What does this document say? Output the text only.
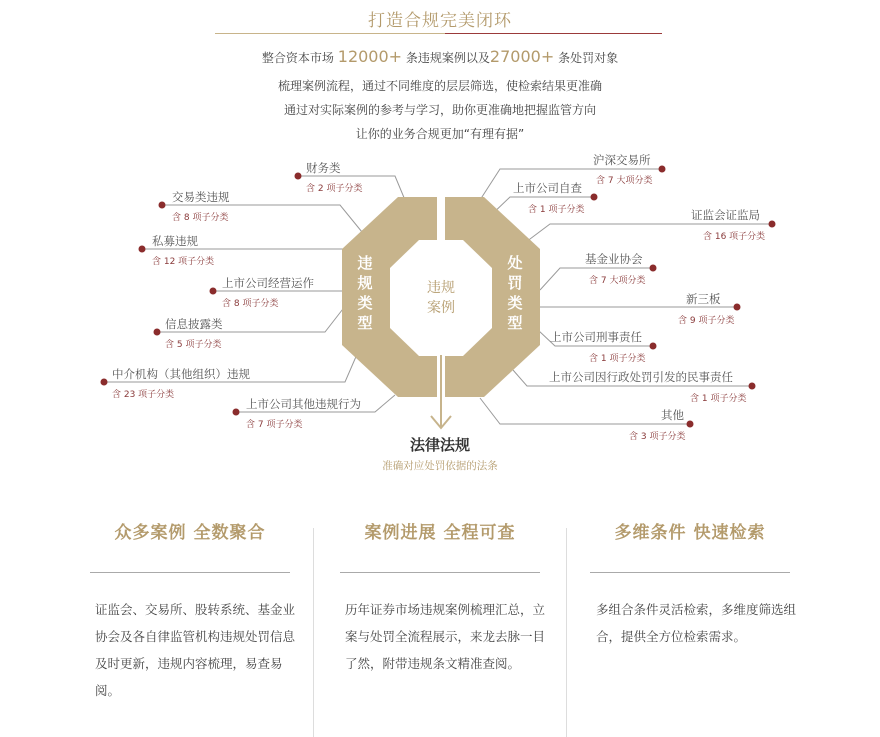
打造合规完美闭环
整合资本市场 12000+ 条违规案例以及27000+ 条处罚对象
梳理案例流程，通过不同维度的层层筛选，使检索结果更准确
通过对实际案例的参考与学习，助你更准确地把握监管方向
让你的业务合规更加“有理有据”
违
规
类
型
处
罚
类
型
违规
案例
财务类
含 2 项子分类
交易类违规
含 8 项子分类
私募违规
含 12 项子分类
上市公司经营运作
含 8 项子分类
信息披露类
含 5 项子分类
中介机构（其他组织）违规
含 23 项子分类
上市公司其他违规行为
含 7 项子分类
沪深交易所
含 7 大项分类
上市公司自查
含 1 项子分类	证监会证监局
含 16 项子分类
基金业协会
含 7 大项分类
新三板
含 9 项子分类
上市公司刑事责任
含 1 项子分类
上市公司因行政处罚引发的民事责任
含 1 项子分类
其他
含 3 项子分类
法律法规
准确对应处罚依据的法条
众多案例 全数聚合
证监会、交易所、股转系统、基金业协会及各自律监管机构违规处罚信息及时更新，违规内容梳理，易查易阅。
案例进展 全程可查
历年证券市场违规案例梳理汇总，立案与处罚全流程展示，来龙去脉一目了然，附带违规条文精准查阅。
多维条件 快速检索
多组合条件灵活检索，多维度筛选组合，提供全方位检索需求。
